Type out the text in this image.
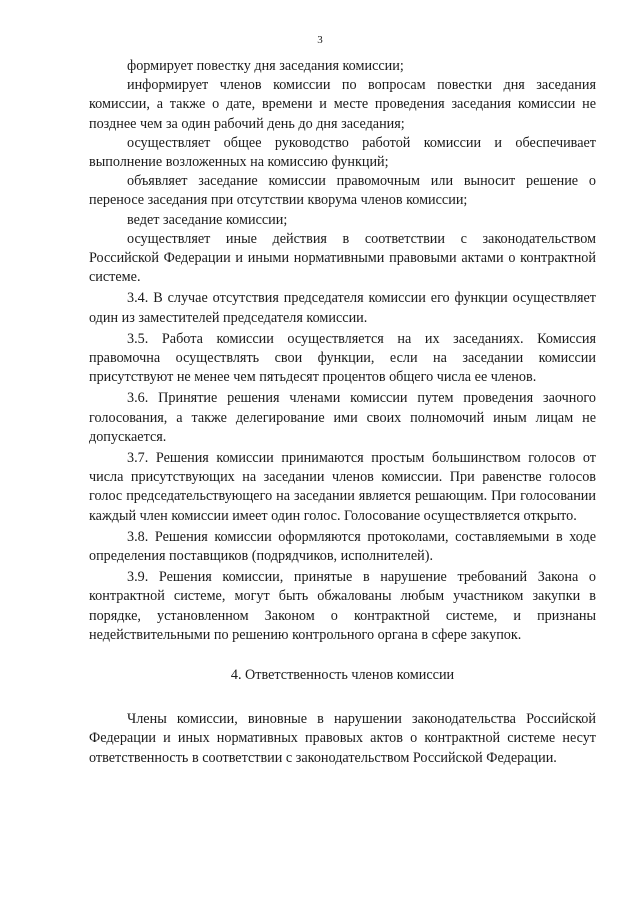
3

формирует повестку дня заседания комиссии;

информирует членов комиссии по вопросам повестки дня заседания комиссии, а также о дате, времени и месте проведения заседания комиссии не позднее чем за один рабочий день до дня заседания;

осуществляет общее руководство работой комиссии и обеспечивает выполнение возложенных на комиссию функций;

объявляет заседание комиссии правомочным или выносит решение о переносе заседания при отсутствии кворума членов комиссии;

ведет заседание комиссии;

осуществляет иные действия в соответствии с законодательством Российской Федерации и иными нормативными правовыми актами о контрактной системе.

3.4. В случае отсутствия председателя комиссии его функции осуществляет один из заместителей председателя комиссии.

3.5. Работа комиссии осуществляется на их заседаниях. Комиссия правомочна осуществлять свои функции, если на заседании комиссии присутствуют не менее чем пятьдесят процентов общего числа ее членов.

3.6. Принятие решения членами комиссии путем проведения заочного голосования, а также делегирование ими своих полномочий иным лицам не допускается.

3.7. Решения комиссии принимаются простым большинством голосов от числа присутствующих на заседании членов комиссии. При равенстве голосов голос председательствующего на заседании является решающим. При голосовании каждый член комиссии имеет один голос. Голосование осуществляется открыто.

3.8. Решения комиссии оформляются протоколами, составляемыми в ходе определения поставщиков (подрядчиков, исполнителей).

3.9. Решения комиссии, принятые в нарушение требований Закона о контрактной системе, могут быть обжалованы любым участником закупки в порядке, установленном Законом о контрактной системе, и признаны недействительными по решению контрольного органа в сфере закупок.

4. Ответственность членов комиссии

Члены комиссии, виновные в нарушении законодательства Российской Федерации и иных нормативных правовых актов о контрактной системе несут ответственность в соответствии с законодательством Российской Федерации.
